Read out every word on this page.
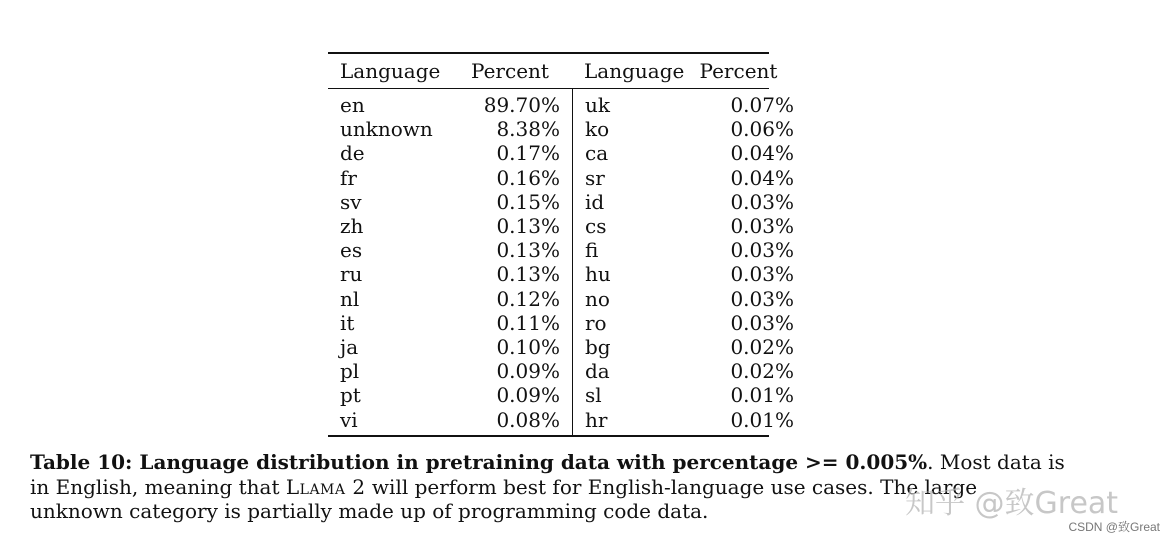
Language	Percent	Language	Percent
en	89.70%	uk	0.07%
unknown	8.38%	ko	0.06%
de	0.17%	ca	0.04%
fr	0.16%	sr	0.04%
sv	0.15%	id	0.03%
zh	0.13%	cs	0.03%
es	0.13%	fi	0.03%
ru	0.13%	hu	0.03%
nl	0.12%	no	0.03%
it	0.11%	ro	0.03%
ja	0.10%	bg	0.02%
pl	0.09%	da	0.02%
pt	0.09%	sl	0.01%
vi	0.08%	hr	0.01%
Table 10: Language distribution in pretraining data with percentage >= 0.005%. Most data is in English, meaning that Llama 2 will perform best for English-language use cases. The large unknown category is partially made up of programming code data.	知乎 @致Great
CSDN @致Great
